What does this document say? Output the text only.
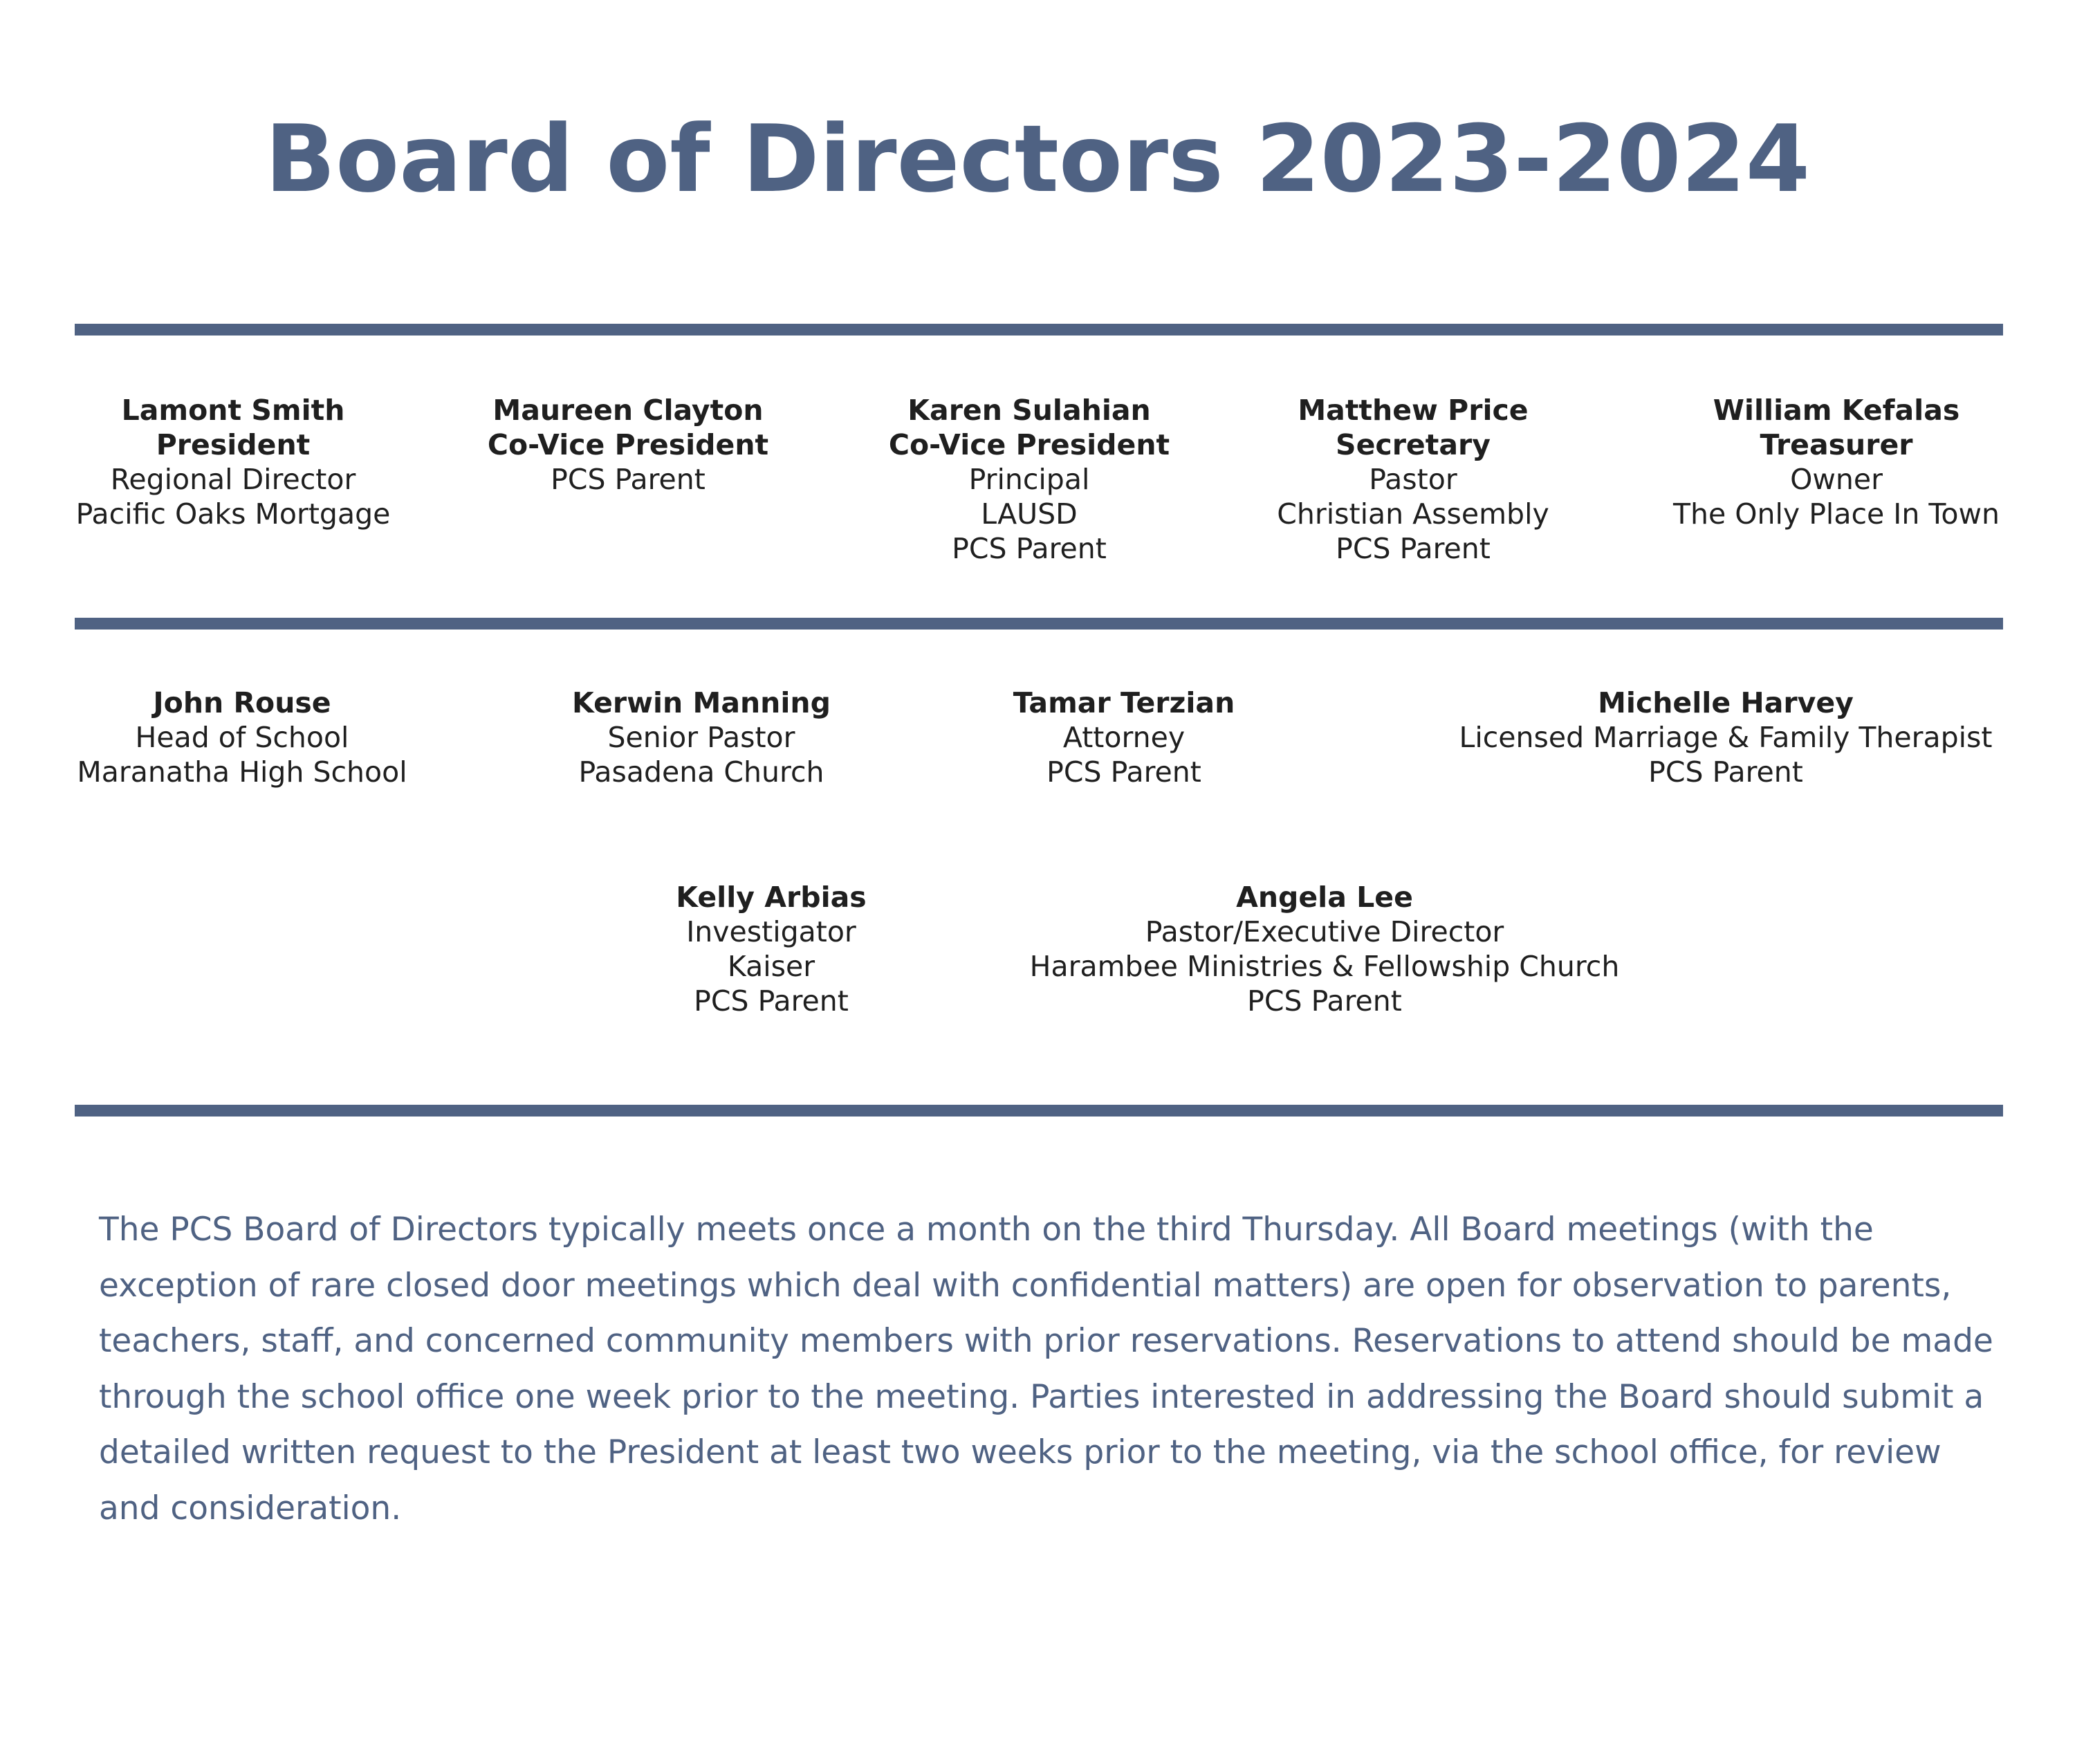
Board of Directors 2023-2024
Lamont Smith
President
Regional Director
Pacific Oaks Mortgage
Maureen Clayton
Co-Vice President
PCS Parent
Karen Sulahian
Co-Vice President
Principal
LAUSD
PCS Parent
Matthew Price
Secretary
Pastor
Christian Assembly
PCS Parent
William Kefalas
Treasurer
Owner
The Only Place In Town
John Rouse
Head of School
Maranatha High School
Kerwin Manning
Senior Pastor
Pasadena Church
Tamar Terzian
Attorney
PCS Parent
Michelle Harvey
Licensed Marriage & Family Therapist
PCS Parent
Kelly Arbias
Investigator
Kaiser
PCS Parent
Angela Lee
Pastor/Executive Director
Harambee Ministries & Fellowship Church
PCS Parent

The PCS Board of Directors typically meets once a month on the third Thursday. All Board meetings (with the exception of rare closed door meetings which deal with confidential matters) are open for observation to parents, teachers, staff, and concerned community members with prior reservations. Reservations to attend should be made through the school office one week prior to the meeting. Parties interested in addressing the Board should submit a detailed written request to the President at least two weeks prior to the meeting, via the school office, for review and consideration.
